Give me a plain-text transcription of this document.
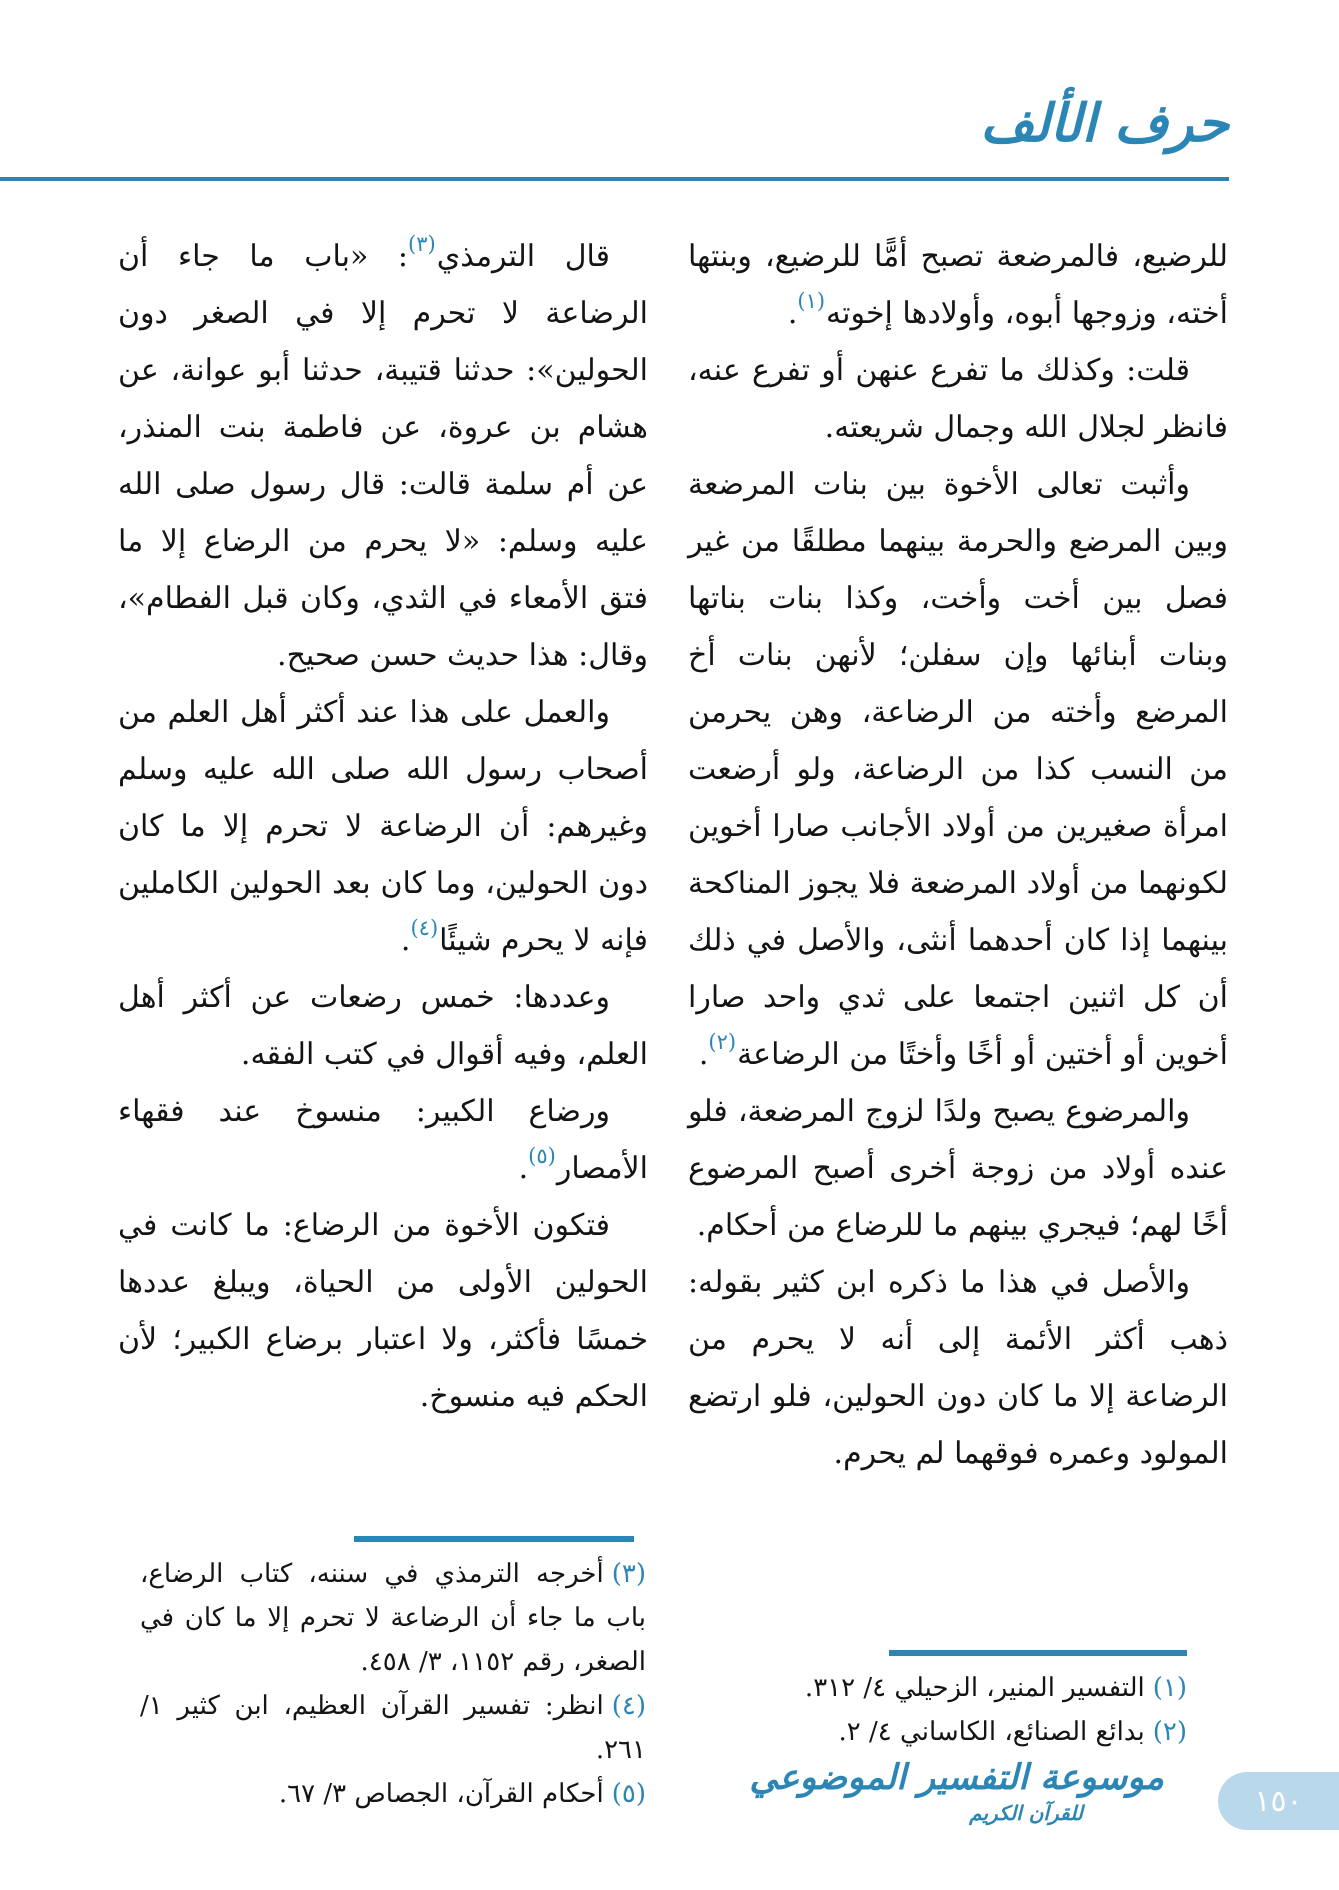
حرف الألف

للرضيع، فالمرضعة تصبح أمًّا للرضيع، وبنتها أخته، وزوجها أبوه، وأولادها إخوته$^{(١)}$.

قلت: وكذلك ما تفرع عنهن أو تفرع عنه، فانظر لجلال الله وجمال شريعته.

وأثبت تعالى الأخوة بين بنات المرضعة وبين المرضع والحرمة بينهما مطلقًا من غير فصل بين أخت وأخت، وكذا بنات بناتها وبنات أبنائها وإن سفلن؛ لأنهن بنات أخ المرضع وأخته من الرضاعة، وهن يحرمن من النسب كذا من الرضاعة، ولو أرضعت امرأة صغيرين من أولاد الأجانب صارا أخوين لكونهما من أولاد المرضعة فلا يجوز المناكحة بينهما إذا كان أحدهما أنثى، والأصل في ذلك أن كل اثنين اجتمعا على ثدي واحد صارا أخوين أو أختين أو أخًا وأختًا من الرضاعة$^{(٢)}$.

والمرضوع يصبح ولدًا لزوج المرضعة، فلو عنده أولاد من زوجة أخرى أصبح المرضوع أخًا لهم؛ فيجري بينهم ما للرضاع من أحكام.

والأصل في هذا ما ذكره ابن كثير بقوله: ذهب أكثر الأئمة إلى أنه لا يحرم من الرضاعة إلا ما كان دون الحولين، فلو ارتضع المولود وعمره فوقهما لم يحرم.

قال الترمذي$^{(٣)}$: «باب ما جاء أن الرضاعة لا تحرم إلا في الصغر دون الحولين»: حدثنا قتيبة، حدثنا أبو عوانة، عن هشام بن عروة، عن فاطمة بنت المنذر، عن أم سلمة قالت: قال رسول صلى الله عليه وسلم: «لا يحرم من الرضاع إلا ما فتق الأمعاء في الثدي، وكان قبل الفطام»، وقال: هذا حديث حسن صحيح.

والعمل على هذا عند أكثر أهل العلم من أصحاب رسول الله صلى الله عليه وسلم وغيرهم: أن الرضاعة لا تحرم إلا ما كان دون الحولين، وما كان بعد الحولين الكاملين فإنه لا يحرم شيئًا$^{(٤)}$.

وعددها: خمس رضعات عن أكثر أهل العلم، وفيه أقوال في كتب الفقه.

ورضاع الكبير: منسوخ عند فقهاء الأمصار$^{(٥)}$.

فتكون الأخوة من الرضاع: ما كانت في الحولين الأولى من الحياة، ويبلغ عددها خمسًا فأكثر، ولا اعتبار برضاع الكبير؛ لأن الحكم فيه منسوخ.

(١)التفسير المنير، الزحيلي ٤/ ٣١٢.
(٢)بدائع الصنائع، الكاساني ٤/ ٢.
(٣)أخرجه الترمذي في سننه، كتاب الرضاع، باب ما جاء أن الرضاعة لا تحرم إلا ما كان في الصغر، رقم ١١٥٢، ٣/ ٤٥٨.
(٤)انظر: تفسير القرآن العظيم، ابن كثير ١/ ٢٦١.
(٥)أحكام القرآن، الجصاص ٣/ ٦٧.	موسوعة التفسير الموضوعي
للقرآن الكريم	١٥٠
